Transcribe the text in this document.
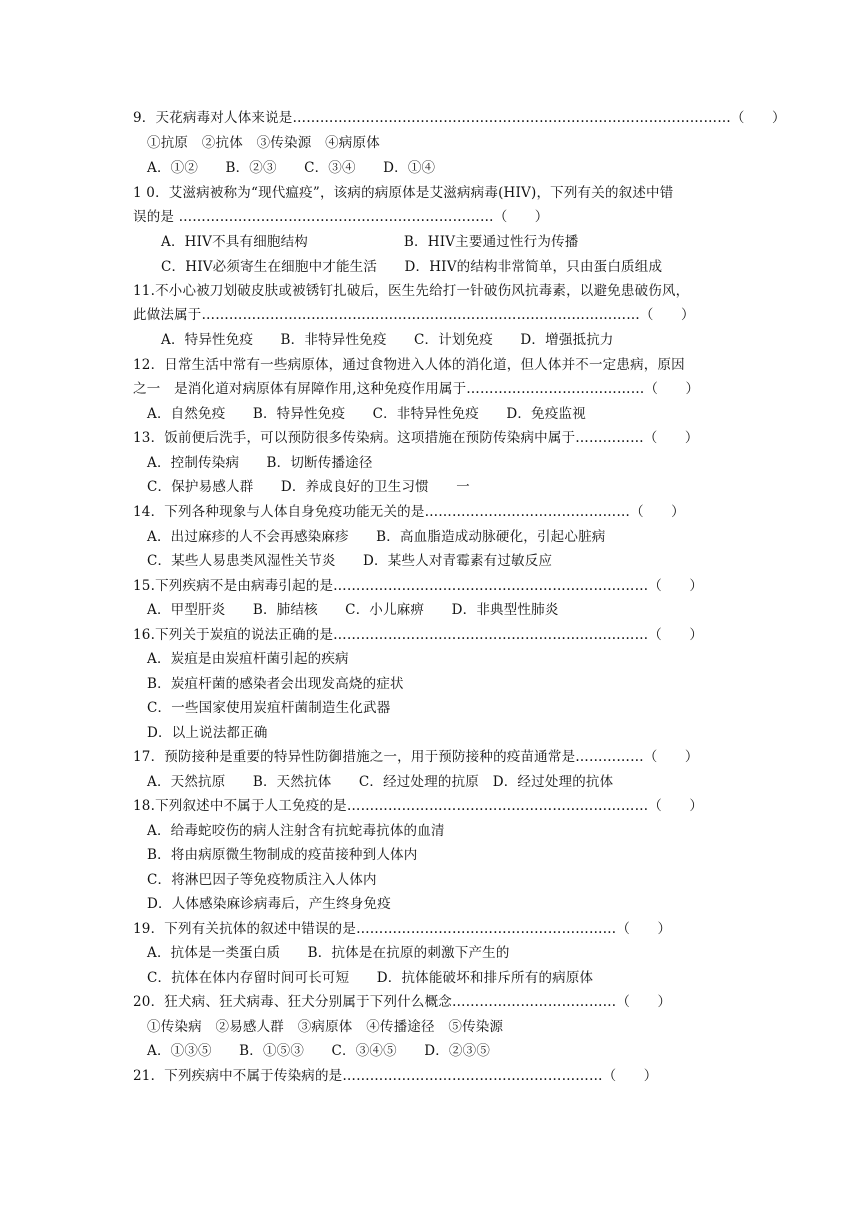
9．天花病毒对人体来说是……………………………………………………………………………………（　　）
①抗原　②抗体　③传染源　④病原体
A．①②　　B．②③　　C．③④　　D．①④
1 0．艾滋病被称为“现代瘟疫”，该病的病原体是艾滋病病毒(HIV)，下列有关的叙述中错
误的是 ……………………………………………………………（　　）
A．HIV不具有细胞结构　　　　　　　B．HIV主要通过性行为传播
C．HIV必须寄生在细胞中才能生活　　D．HIV的结构非常简单，只由蛋白质组成
11.不小心被刀划破皮肤或被锈钉扎破后，医生先给打一针破伤风抗毒素，以避免患破伤风，
此做法属于……………………………………………………………………………………（　　）
A．特异性免疫　　B．非特异性免疫　　C．计划免疫　　D．增强抵抗力
12．日常生活中常有一些病原体，通过食物进入人体的消化道，但人体并不一定患病，原因
之一　是消化道对病原体有屏障作用,这种免疫作用属于…………………………………（　　）
A．自然免疫　　B．特异性免疫　　C．非特异性免疫　　D．免疫监视
13．饭前便后洗手，可以预防很多传染病。这项措施在预防传染病中属于……………（　　）
A．控制传染病　　B．切断传播途径
C．保护易感人群　　D．养成良好的卫生习惯　　一
14．下列各种现象与人体自身免疫功能无关的是………………………………………（　　）
A．出过麻疹的人不会再感染麻疹　　B．高血脂造成动脉硬化，引起心脏病
C．某些人易患类风湿性关节炎　　D．某些人对青霉素有过敏反应
15.下列疾病不是由病毒引起的是……………………………………………………………（　　）
A．甲型肝炎　　B．肺结核　　C．小儿麻痹　　D．非典型性肺炎
16.下列关于炭疽的说法正确的是……………………………………………………………（　　）
A．炭疽是由炭疽杆菌引起的疾病
B．炭疽杆菌的感染者会出现发高烧的症状
C．一些国家使用炭疽杆菌制造生化武器
D．以上说法都正确
17．预防接种是重要的特异性防御措施之一，用于预防接种的疫苗通常是……………（　　）
A．天然抗原　　B．天然抗体　　C．经过处理的抗原　D．经过处理的抗体
18.下列叙述中不属于人工免疫的是…………………………………………………………（　　）
A．给毒蛇咬伤的病人注射含有抗蛇毒抗体的血清
B．将由病原微生物制成的疫苗接种到人体内
C．将淋巴因子等免疫物质注入人体内
D．人体感染麻诊病毒后，产生终身免疫
19．下列有关抗体的叙述中错误的是…………………………………………………（　　）
A．抗体是一类蛋白质　　B．抗体是在抗原的刺激下产生的
C．抗体在体内存留时间可长可短　　D．抗体能破坏和排斥所有的病原体
20．狂犬病、狂犬病毒、狂犬分别属于下列什么概念………………………………（　　）
①传染病　②易感人群　③病原体　④传播途径　⑤传染源
A．①③⑤　　B．①⑤③　　C．③④⑤　　D．②③⑤
21．下列疾病中不属于传染病的是…………………………………………………（　　）
